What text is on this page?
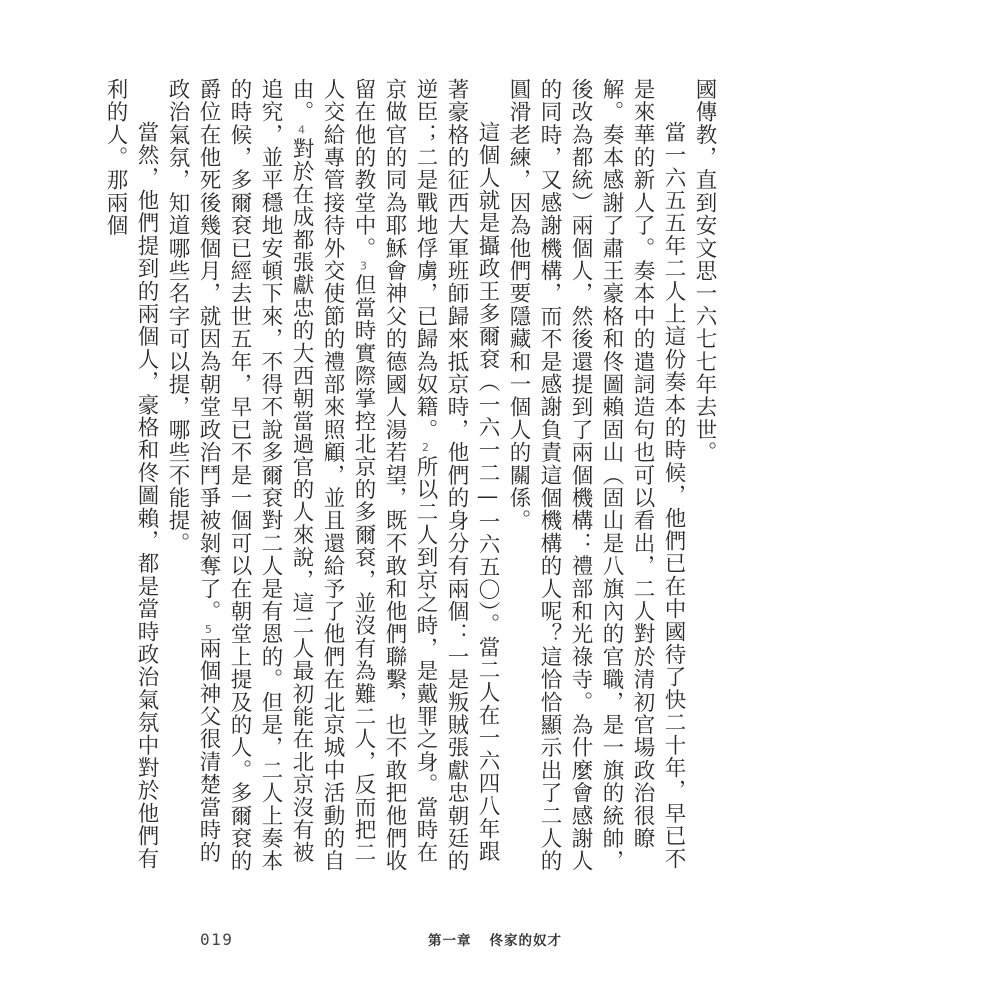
國傳教，直到安文思一六七七年去世。

當一六五五年二人上這份奏本的時候，他們已在中國待了快二十年，早已不是來華的新人了。奏本中的遣詞造句也可以看出，二人對於清初官場政治很瞭解。奏本感謝了肅王豪格和佟圖賴固山（固山是八旗內的官職，是一旗的統帥，後改為都統）兩個人，然後還提到了兩個機構：禮部和光祿寺。為什麼會感謝人的同時，又感謝機構，而不是感謝負責這個機構的人呢？這恰恰顯示出了二人的圓滑老練，因為他們要隱藏和一個人的關係。

這個人就是攝政王多爾袞（一六一二—一六五〇）。當二人在一六四八年跟著豪格的征西大軍班師歸來抵京時，他們的身分有兩個：一是叛賊張獻忠朝廷的逆臣；二是戰地俘虜，已歸為奴籍。2所以二人到京之時，是戴罪之身。當時在京做官的同為耶穌會神父的德國人湯若望，既不敢和他們聯繫，也不敢把他們收留在他的教堂中。3但當時實際掌控北京的多爾袞，並沒有為難二人，反而把二人交給專管接待外交使節的禮部來照顧，並且還給予了他們在北京城中活動的自由。4對於在成都張獻忠的大西朝當過官的人來說，這二人最初能在北京沒有被追究，並平穩地安頓下來，不得不說多爾袞對二人是有恩的。但是，二人上奏本的時候，多爾袞已經去世五年，早已不是一個可以在朝堂上提及的人。多爾袞的爵位在他死後幾個月，就因為朝堂政治鬥爭被剝奪了。5兩個神父很清楚當時的政治氣氛，知道哪些名字可以提，哪些不能提。

當然，他們提到的兩個人，豪格和佟圖賴，都是當時政治氣氛中對於他們有利的人。那兩個

019	第一章 佟家的奴才
